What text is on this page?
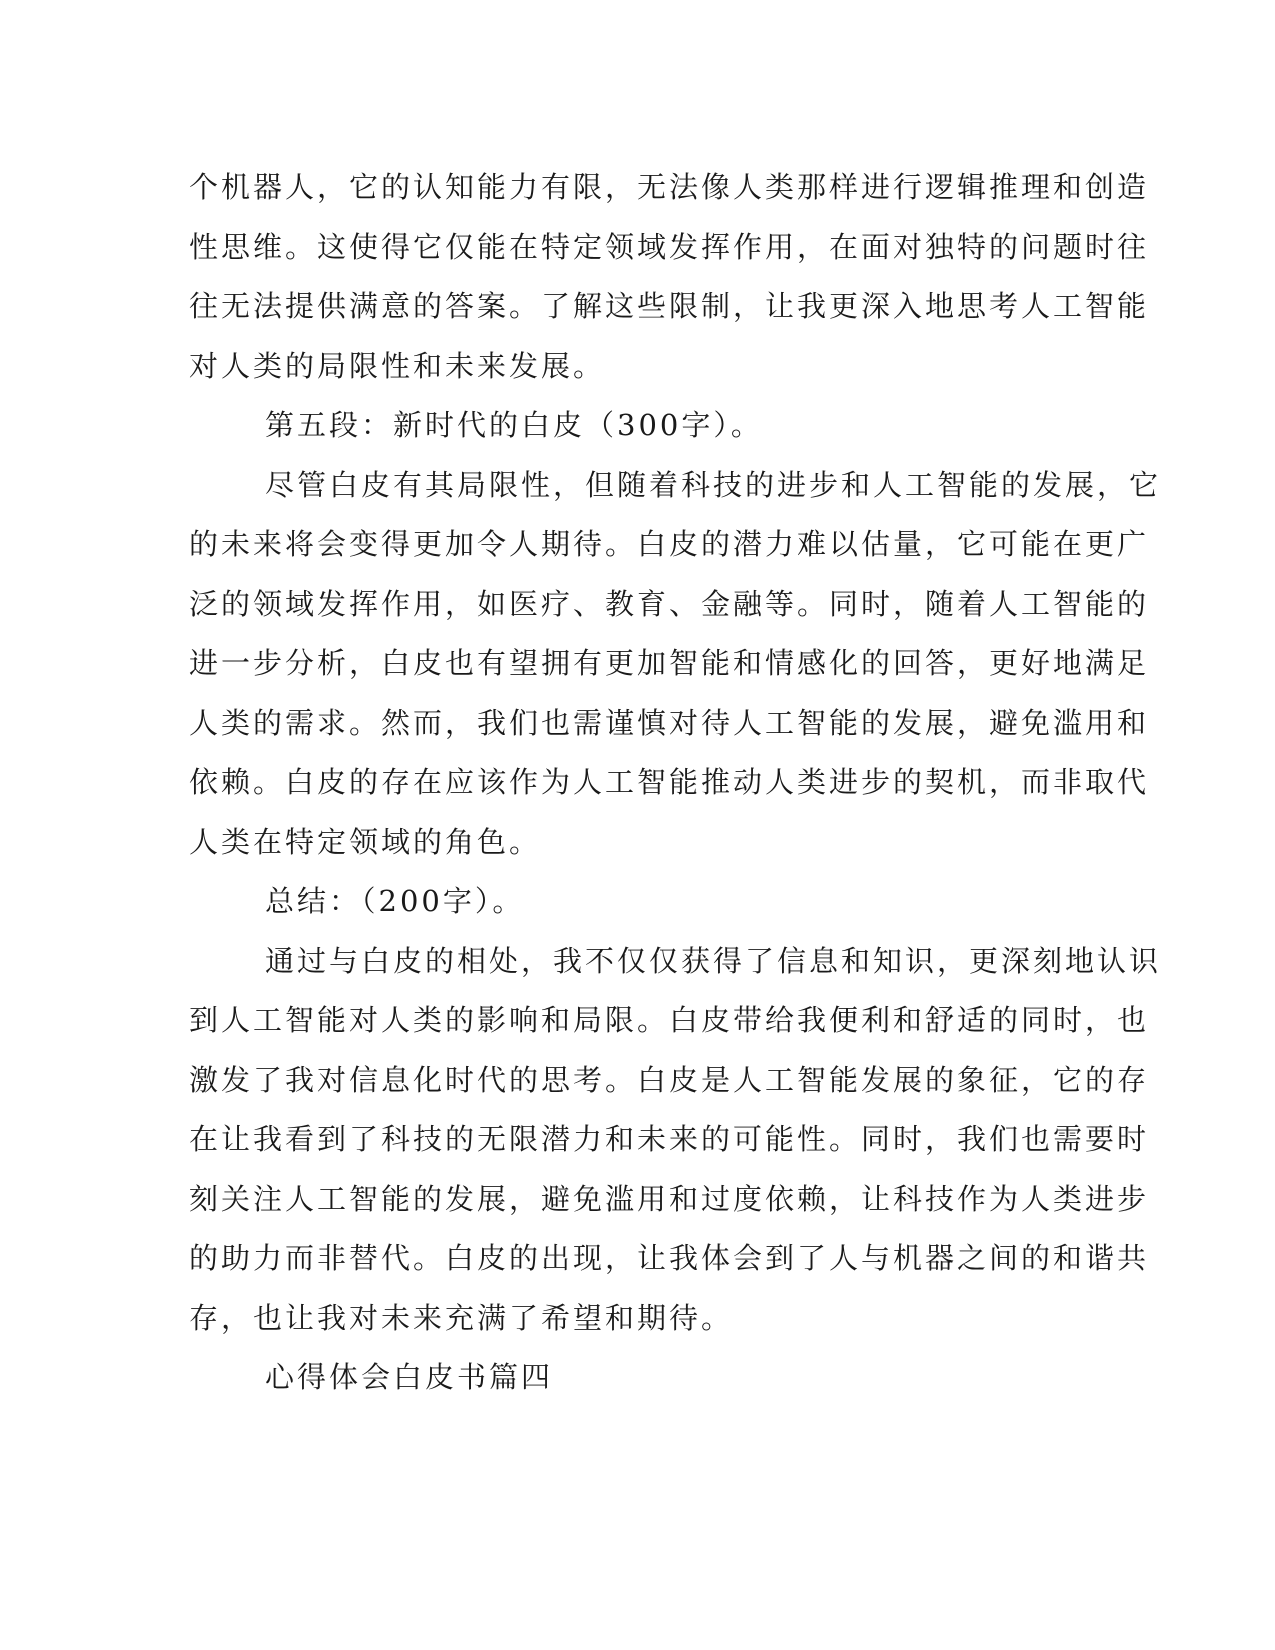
个机器人，它的认知能力有限，无法像人类那样进行逻辑推理和创造
性思维。这使得它仅能在特定领域发挥作用，在面对独特的问题时往
往无法提供满意的答案。了解这些限制，让我更深入地思考人工智能
对人类的局限性和未来发展。
第五段：新时代的白皮（300字）。
尽管白皮有其局限性，但随着科技的进步和人工智能的发展，它
的未来将会变得更加令人期待。白皮的潜力难以估量，它可能在更广
泛的领域发挥作用，如医疗、教育、金融等。同时，随着人工智能的
进一步分析，白皮也有望拥有更加智能和情感化的回答，更好地满足
人类的需求。然而，我们也需谨慎对待人工智能的发展，避免滥用和
依赖。白皮的存在应该作为人工智能推动人类进步的契机，而非取代
人类在特定领域的角色。
总结：（200字）。
通过与白皮的相处，我不仅仅获得了信息和知识，更深刻地认识
到人工智能对人类的影响和局限。白皮带给我便利和舒适的同时，也
激发了我对信息化时代的思考。白皮是人工智能发展的象征，它的存
在让我看到了科技的无限潜力和未来的可能性。同时，我们也需要时
刻关注人工智能的发展，避免滥用和过度依赖，让科技作为人类进步
的助力而非替代。白皮的出现，让我体会到了人与机器之间的和谐共
存，也让我对未来充满了希望和期待。
心得体会白皮书篇四
